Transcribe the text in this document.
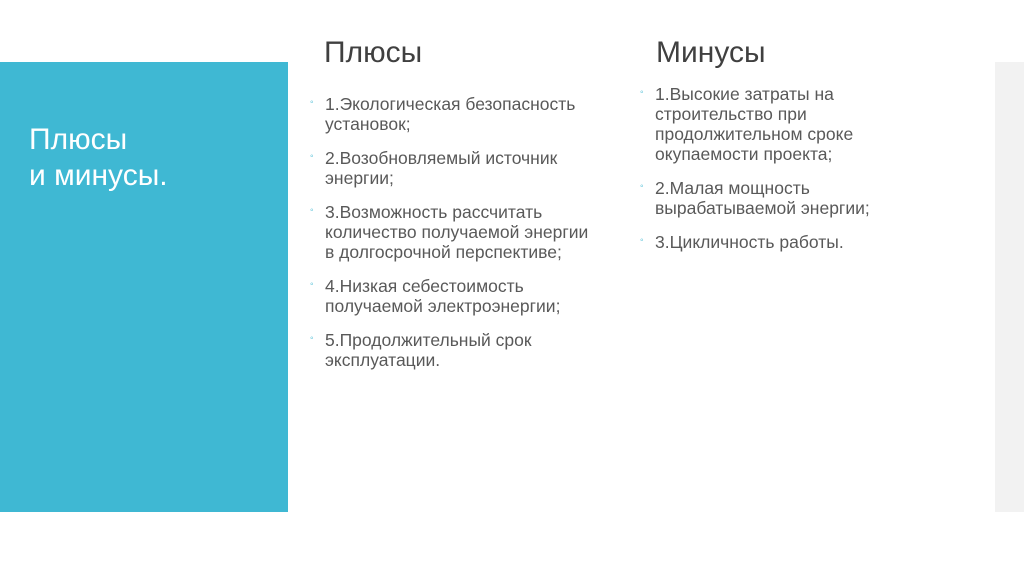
Плюсы
и минусы.
Плюсы	Минусы
◦ 1.Экологическая безопасность установок;
◦ 2.Возобновляемый источник энергии;
◦ 3.Возможность рассчитать количество получаемой энергии в долгосрочной перспективе;
◦ 4.Низкая себестоимость получаемой электроэнергии;
◦ 5.Продолжительный срок эксплуатации.
◦ 1.Высокие затраты на строительство при продолжительном сроке окупаемости проекта;
◦ 2.Малая мощность вырабатываемой энергии;
◦ 3.Цикличность работы.
